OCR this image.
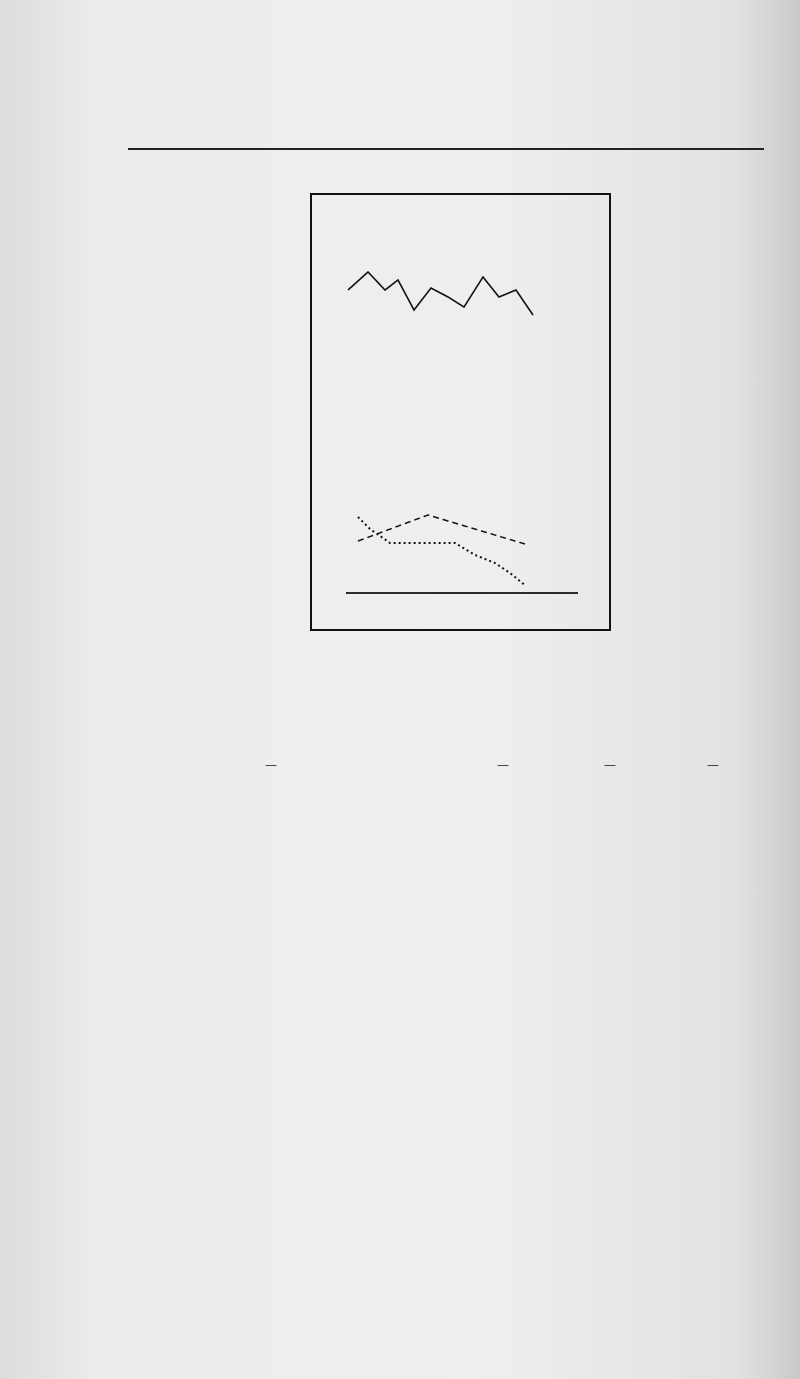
—	—	—	—
